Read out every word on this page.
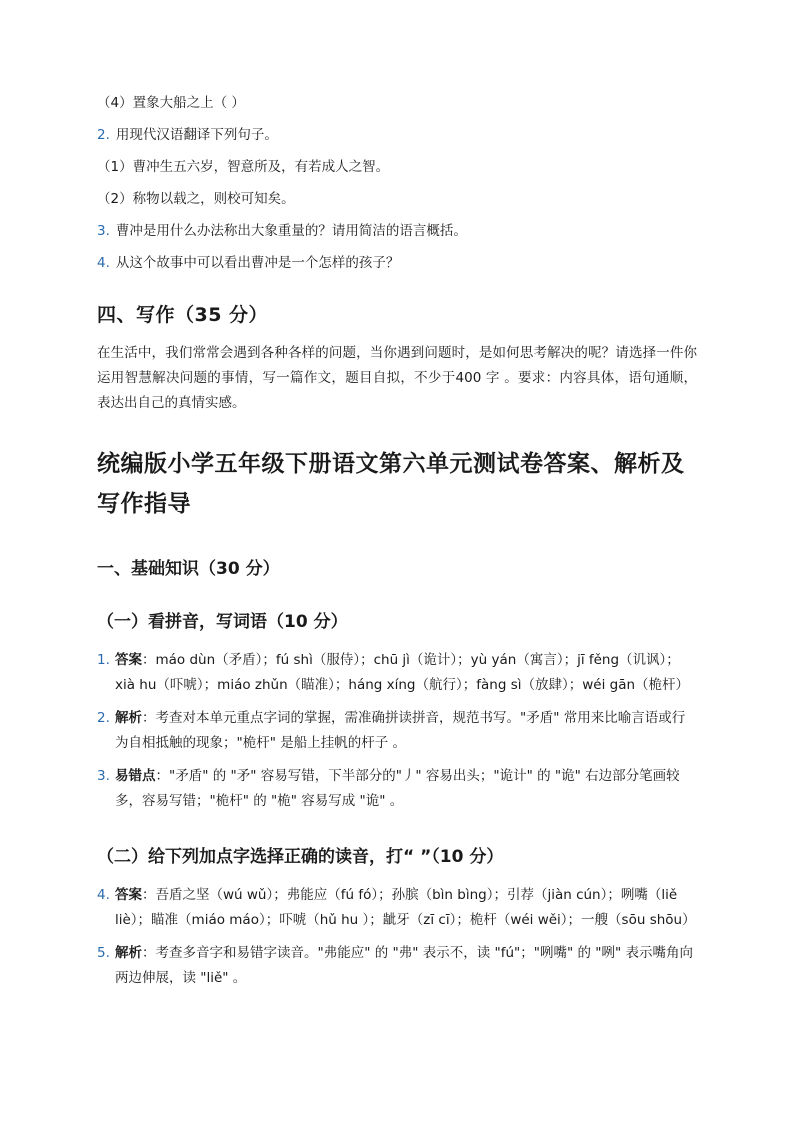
（4）置象大船之上（ ）

2. 用现代汉语翻译下列句子。

（1）曹冲生五六岁，智意所及，有若成人之智。

（2）称物以载之，则校可知矣。

3. 曹冲是用什么办法称出大象重量的？请用简洁的语言概括。

4. 从这个故事中可以看出曹冲是一个怎样的孩子？

四、写作（35 分）

在生活中，我们常常会遇到各种各样的问题，当你遇到问题时，是如何思考解决的呢？请选择一件你运用智慧解决问题的事情，写一篇作文，题目自拟，不少于400 字 。要求：内容具体，语句通顺，表达出自己的真情实感。

统编版小学五年级下册语文第六单元测试卷答案、解析及写作指导
一、基础知识（30 分）
（一）看拼音，写词语（10 分）
1. 答案：máo dùn（矛盾）；fú shì（服侍）；chū jì（诡计）；yù yán（寓言）；jī fěng（讥讽）；xià hu（吓唬）；miáo zhǔn（瞄准）；háng xíng（航行）；fàng sì（放肆）；wéi gān（桅杆）
2. 解析：考查对本单元重点字词的掌握，需准确拼读拼音，规范书写。"矛盾" 常用来比喻言语或行为自相抵触的现象；"桅杆" 是船上挂帆的杆子 。
3. 易错点："矛盾" 的 "矛" 容易写错，下半部分的"丿" 容易出头；"诡计" 的 "诡" 右边部分笔画较多，容易写错；"桅杆" 的 "桅" 容易写成 "诡" 。
（二）给下列加点字选择正确的读音，打“ ”（10 分）
4. 答案：吾盾之坚（wú wǔ）；弗能应（fú fó）；孙膑（bìn bìng）；引荐（jiàn cún）；咧嘴（liě liè）；瞄准（miáo máo）；吓唬（hǔ hu ）；龇牙（zī cī）；桅杆（wéi wěi）；一艘（sōu shōu）
5. 解析：考查多音字和易错字读音。"弗能应" 的 "弗" 表示不，读 "fú"；"咧嘴" 的 "咧" 表示嘴角向两边伸展，读 "liě" 。
